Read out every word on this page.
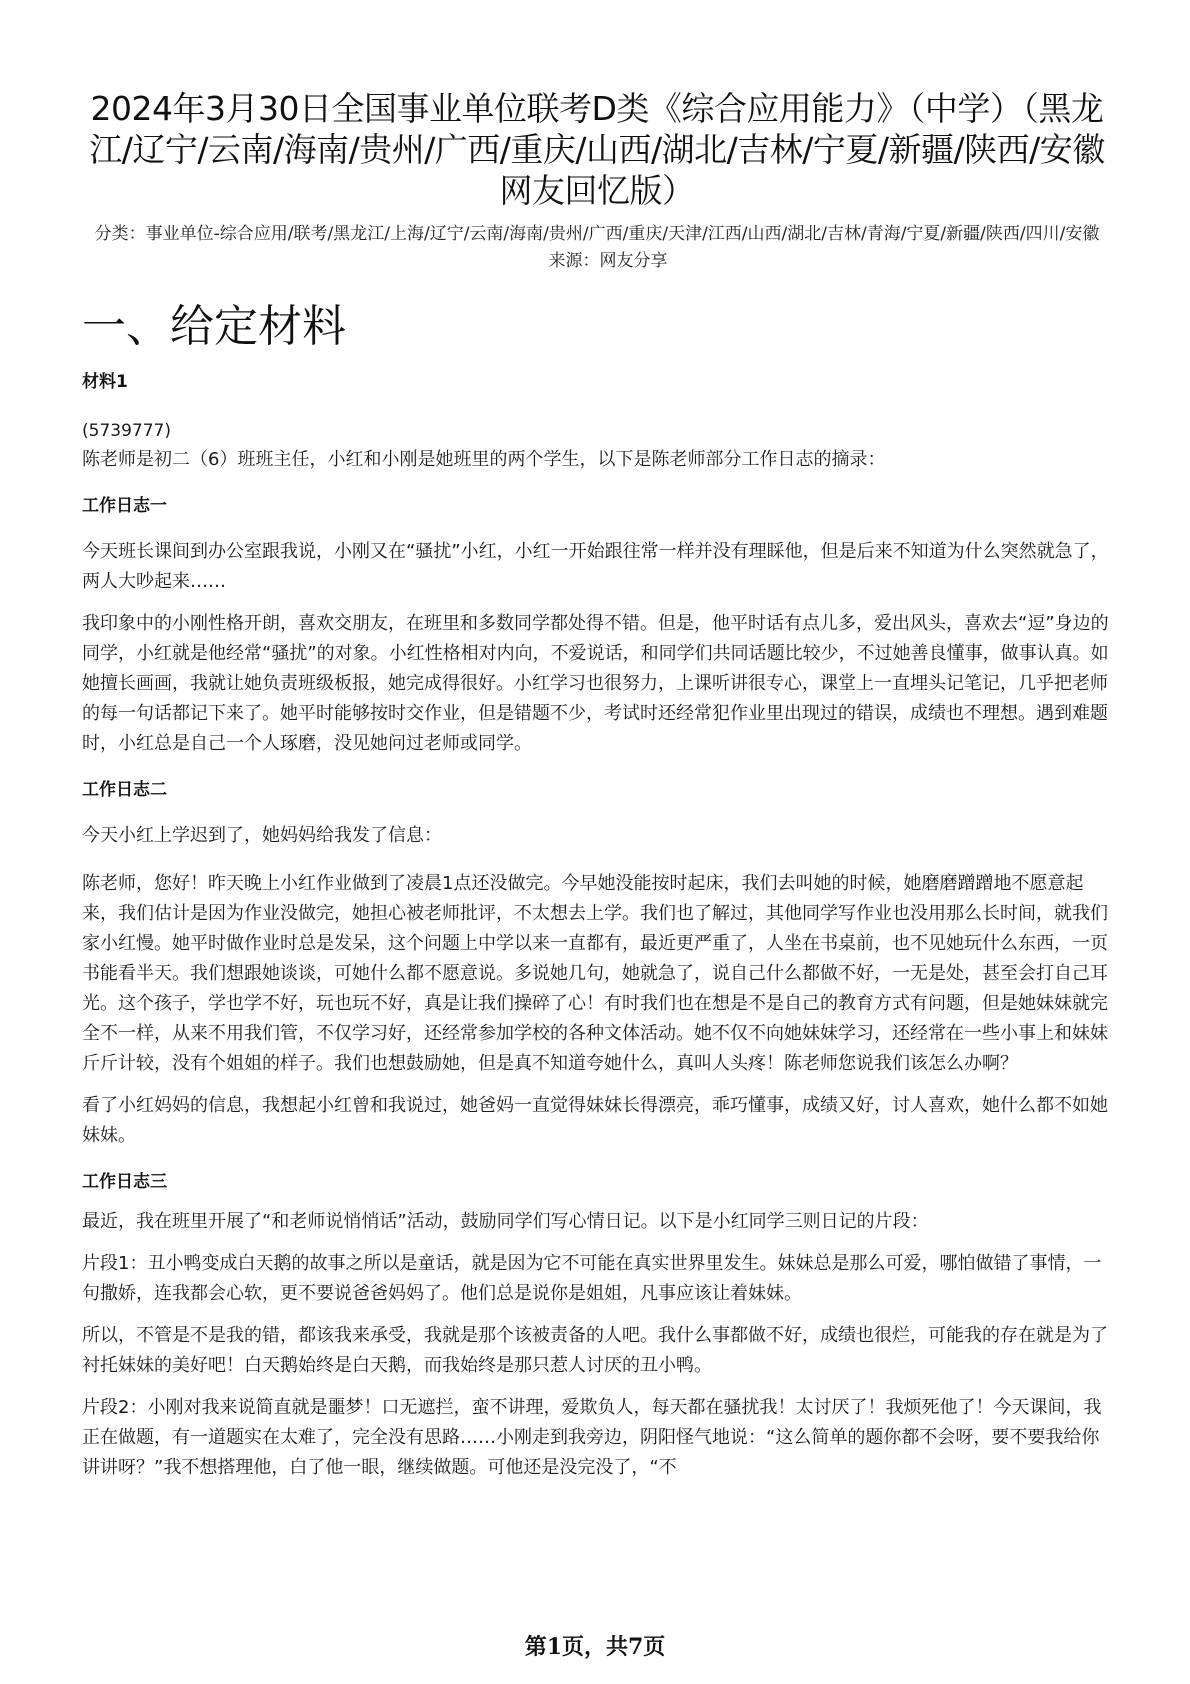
2024年3月30日全国事业单位联考D类《综合应用能力》（中学）（黑龙江/辽宁/云南/海南/贵州/广西/重庆/山西/湖北/吉林/宁夏/新疆/陕西/安徽网友回忆版）
分类：事业单位-综合应用/联考/黑龙江/上海/辽宁/云南/海南/贵州/广西/重庆/天津/江西/山西/湖北/吉林/青海/宁夏/新疆/陕西/四川/安徽来源：网友分享
一、给定材料
材料1

(5739777)

陈老师是初二（6）班班主任，小红和小刚是她班里的两个学生，以下是陈老师部分工作日志的摘录：

工作日志一

今天班长课间到办公室跟我说，小刚又在“骚扰”小红，小红一开始跟往常一样并没有理睬他，但是后来不知道为什么突然就急了，两人大吵起来……

我印象中的小刚性格开朗，喜欢交朋友，在班里和多数同学都处得不错。但是，他平时话有点儿多，爱出风头，喜欢去“逗”身边的同学，小红就是他经常“骚扰”的对象。小红性格相对内向，不爱说话，和同学们共同话题比较少，不过她善良懂事，做事认真。如她擅长画画，我就让她负责班级板报，她完成得很好。小红学习也很努力，上课听讲很专心，课堂上一直埋头记笔记，几乎把老师的每一句话都记下来了。她平时能够按时交作业，但是错题不少，考试时还经常犯作业里出现过的错误，成绩也不理想。遇到难题时，小红总是自己一个人琢磨，没见她问过老师或同学。

工作日志二

今天小红上学迟到了，她妈妈给我发了信息：

陈老师，您好！昨天晚上小红作业做到了凌晨1点还没做完。今早她没能按时起床，我们去叫她的时候，她磨磨蹭蹭地不愿意起来，我们估计是因为作业没做完，她担心被老师批评，不太想去上学。我们也了解过，其他同学写作业也没用那么长时间，就我们家小红慢。她平时做作业时总是发呆，这个问题上中学以来一直都有，最近更严重了，人坐在书桌前，也不见她玩什么东西，一页书能看半天。我们想跟她谈谈，可她什么都不愿意说。多说她几句，她就急了，说自己什么都做不好，一无是处，甚至会打自己耳光。这个孩子，学也学不好，玩也玩不好，真是让我们操碎了心！有时我们也在想是不是自己的教育方式有问题，但是她妹妹就完全不一样，从来不用我们管，不仅学习好，还经常参加学校的各种文体活动。她不仅不向她妹妹学习，还经常在一些小事上和妹妹斤斤计较，没有个姐姐的样子。我们也想鼓励她，但是真不知道夸她什么，真叫人头疼！陈老师您说我们该怎么办啊？

看了小红妈妈的信息，我想起小红曾和我说过，她爸妈一直觉得妹妹长得漂亮，乖巧懂事，成绩又好，讨人喜欢，她什么都不如她妹妹。

工作日志三

最近，我在班里开展了“和老师说悄悄话”活动，鼓励同学们写心情日记。以下是小红同学三则日记的片段：

片段1：丑小鸭变成白天鹅的故事之所以是童话，就是因为它不可能在真实世界里发生。妹妹总是那么可爱，哪怕做错了事情，一句撒娇，连我都会心软，更不要说爸爸妈妈了。他们总是说你是姐姐，凡事应该让着妹妹。

所以，不管是不是我的错，都该我来承受，我就是那个该被责备的人吧。我什么事都做不好，成绩也很烂，可能我的存在就是为了衬托妹妹的美好吧！白天鹅始终是白天鹅，而我始终是那只惹人讨厌的丑小鸭。

片段2：小刚对我来说简直就是噩梦！口无遮拦，蛮不讲理，爱欺负人，每天都在骚扰我！太讨厌了！我烦死他了！今天课间，我正在做题，有一道题实在太难了，完全没有思路……小刚走到我旁边，阴阳怪气地说：“这么简单的题你都不会呀，要不要我给你讲讲呀？”我不想搭理他，白了他一眼，继续做题。可他还是没完没了，“不

第1页，共7页
